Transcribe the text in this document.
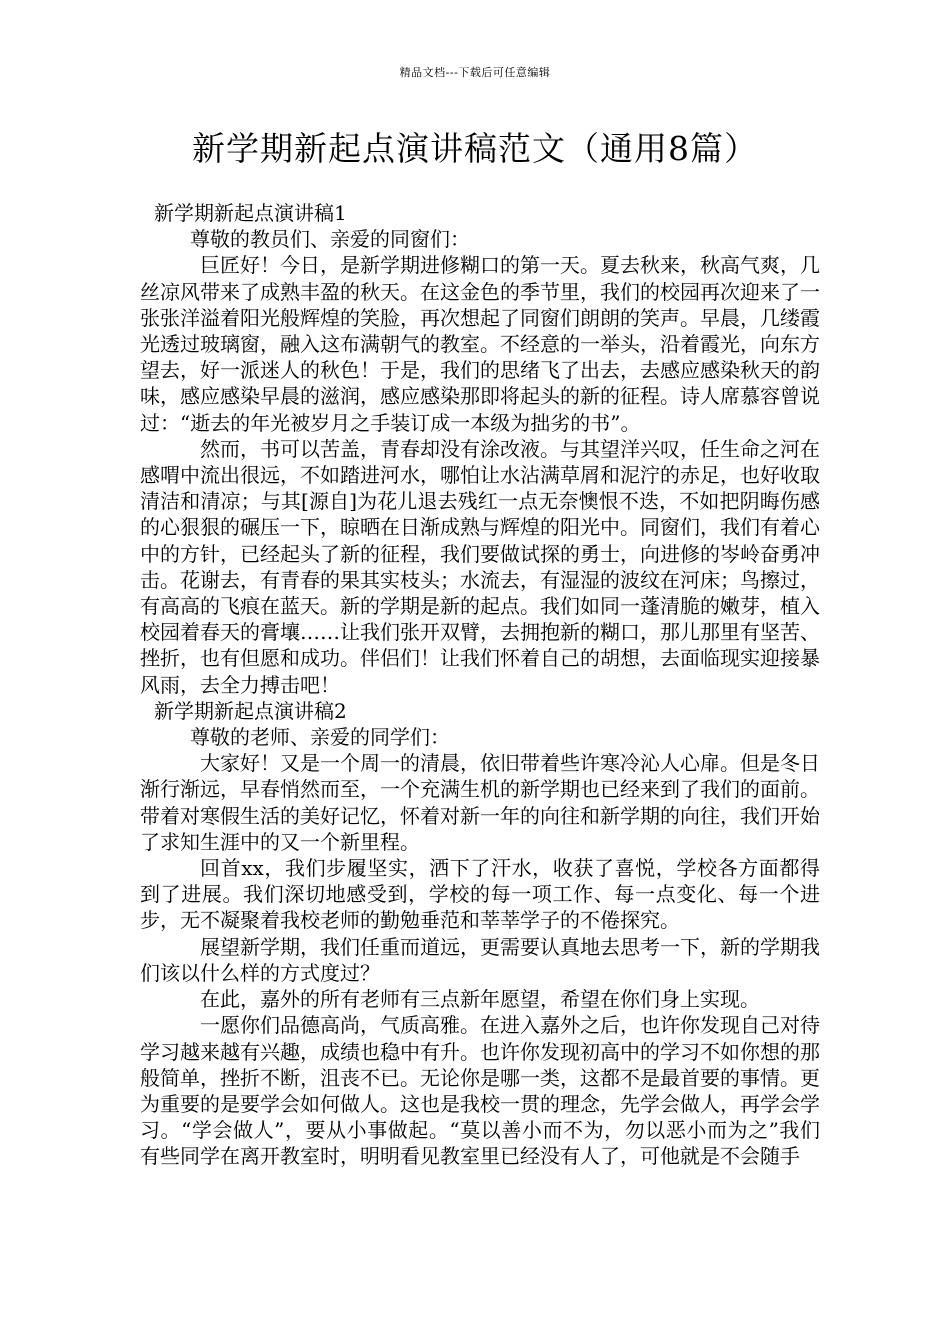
精品文档---下载后可任意编辑
新学期新起点演讲稿范文（通用8篇）

新学期新起点演讲稿1

尊敬的教员们、亲爱的同窗们：

巨匠好！今日，是新学期进修糊口的第一天。夏去秋来，秋高气爽，几丝凉风带来了成熟丰盈的秋天。在这金色的季节里，我们的校园再次迎来了一张张洋溢着阳光般辉煌的笑脸，再次想起了同窗们朗朗的笑声。早晨，几缕霞光透过玻璃窗，融入这布满朝气的教室。不经意的一举头，沿着霞光，向东方望去，好一派迷人的秋色！于是，我们的思绪飞了出去，去感应感染秋天的韵味，感应感染早晨的滋润，感应感染那即将起头的新的征程。诗人席慕容曾说过：“逝去的年光被岁月之手装订成一本级为拙劣的书”。

然而，书可以苦盖，青春却没有涂改液。与其望洋兴叹，任生命之河在感喟中流出很远，不如踏进河水，哪怕让水沾满草屑和泥泞的赤足，也好收取清洁和清凉；与其[源自]为花儿退去残红一点无奈懊恨不迭，不如把阴晦伤感的心狠狠的碾压一下，晾晒在日渐成熟与辉煌的阳光中。同窗们，我们有着心中的方针，已经起头了新的征程，我们要做试探的勇士，向进修的岑岭奋勇冲击。花谢去，有青春的果其实枝头；水流去，有湿湿的波纹在河床；鸟擦过，有高高的飞痕在蓝天。新的学期是新的起点。我们如同一蓬清脆的嫩芽，植入校园着春天的膏壤……让我们张开双臂，去拥抱新的糊口，那儿那里有坚苦、挫折，也有但愿和成功。伴侣们！让我们怀着自己的胡想，去面临现实迎接暴风雨，去全力搏击吧！

新学期新起点演讲稿2

尊敬的老师、亲爱的同学们：

大家好！又是一个周一的清晨，依旧带着些许寒冷沁人心扉。但是冬日渐行渐远，早春悄然而至，一个充满生机的新学期也已经来到了我们的面前。带着对寒假生活的美好记忆，怀着对新一年的向往和新学期的向往，我们开始了求知生涯中的又一个新里程。

回首xx，我们步履坚实，洒下了汗水，收获了喜悦，学校各方面都得到了进展。我们深切地感受到，学校的每一项工作、每一点变化、每一个进步，无不凝聚着我校老师的勤勉垂范和莘莘学子的不倦探究。

展望新学期，我们任重而道远，更需要认真地去思考一下，新的学期我们该以什么样的方式度过？

在此，嘉外的所有老师有三点新年愿望，希望在你们身上实现。

一愿你们品德高尚，气质高雅。在进入嘉外之后，也许你发现自己对待学习越来越有兴趣，成绩也稳中有升。也许你发现初高中的学习不如你想的那般简单，挫折不断，沮丧不已。无论你是哪一类，这都不是最首要的事情。更为重要的是要学会如何做人。这也是我校一贯的理念，先学会做人，再学会学习。“学会做人”，要从小事做起。“莫以善小而不为，勿以恶小而为之”我们有些同学在离开教室时，明明看见教室里已经没有人了，可他就是不会随手
